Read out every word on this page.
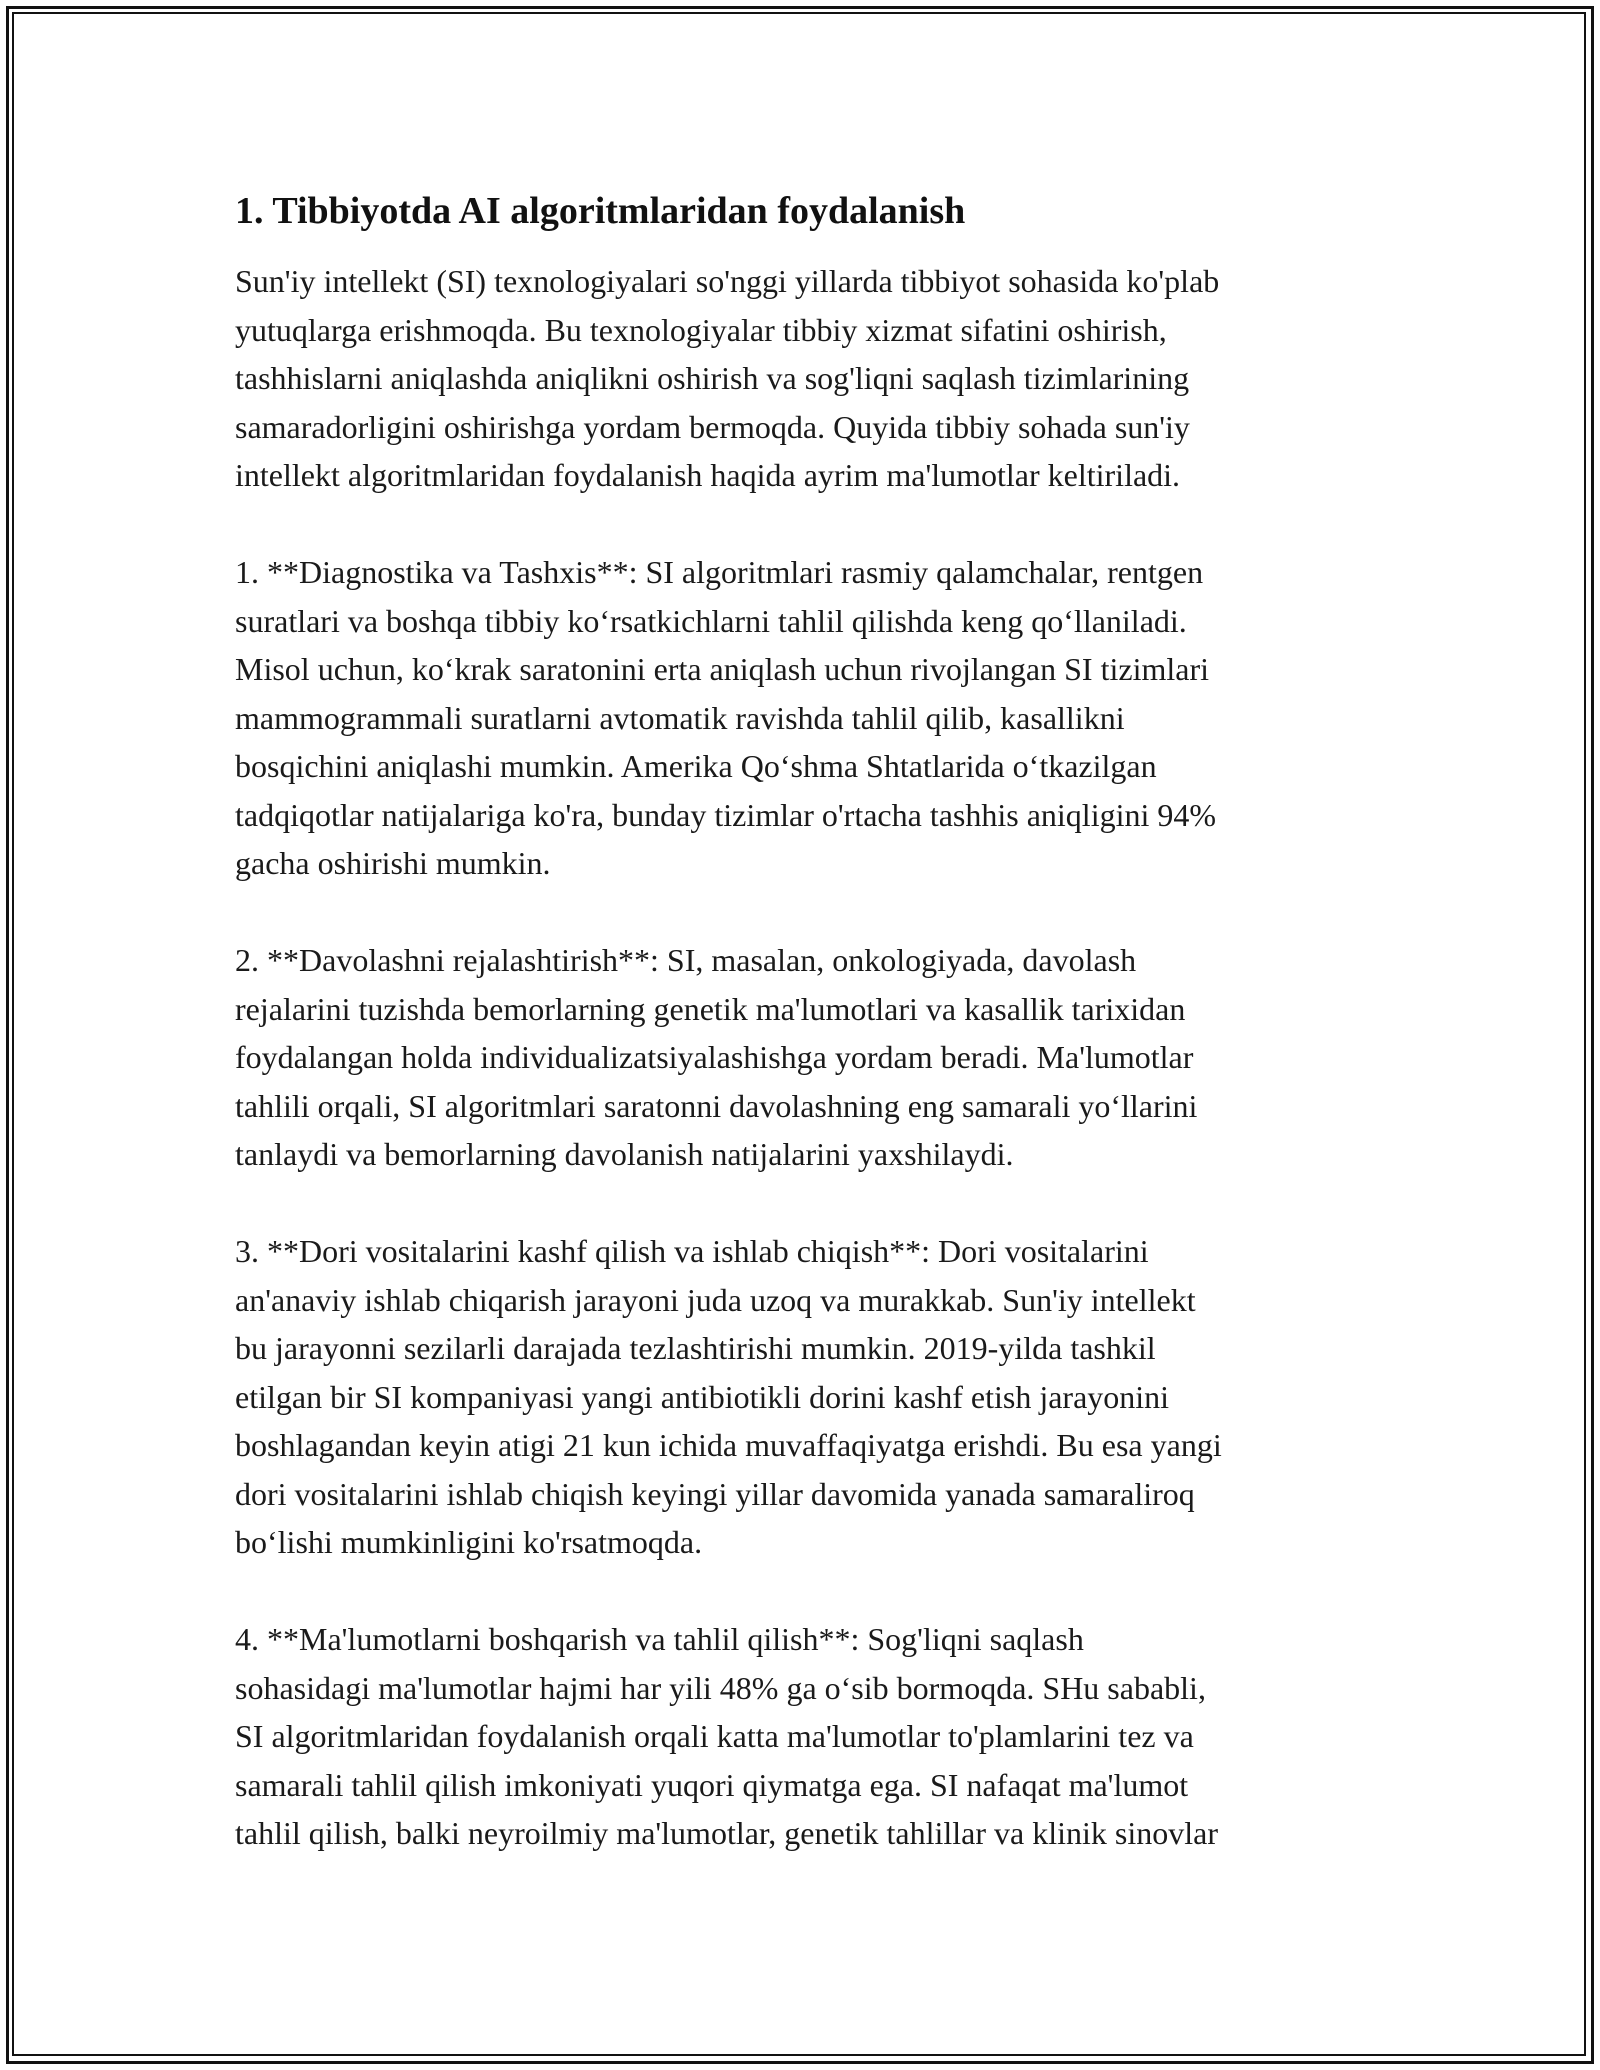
1. Tibbiyotda AI algoritmlaridan foydalanish

Sun'iy intellekt (SI) texnologiyalari so'nggi yillarda tibbiyot sohasida ko'plab
yutuqlarga erishmoqda. Bu texnologiyalar tibbiy xizmat sifatini oshirish,
tashhislarni aniqlashda aniqlikni oshirish va sog'liqni saqlash tizimlarining
samaradorligini oshirishga yordam bermoqda. Quyida tibbiy sohada sun'iy
intellekt algoritmlaridan foydalanish haqida ayrim ma'lumotlar keltiriladi.

1. **Diagnostika va Tashxis**: SI algoritmlari rasmiy qalamchalar, rentgen
suratlari va boshqa tibbiy ko‘rsatkichlarni tahlil qilishda keng qo‘llaniladi.
Misol uchun, ko‘krak saratonini erta aniqlash uchun rivojlangan SI tizimlari
mammogrammali suratlarni avtomatik ravishda tahlil qilib, kasallikni
bosqichini aniqlashi mumkin. Amerika Qo‘shma Shtatlarida o‘tkazilgan
tadqiqotlar natijalariga ko'ra, bunday tizimlar o'rtacha tashhis aniqligini 94%
gacha oshirishi mumkin.

2. **Davolashni rejalashtirish**: SI, masalan, onkologiyada, davolash
rejalarini tuzishda bemorlarning genetik ma'lumotlari va kasallik tarixidan
foydalangan holda individualizatsiyalashishga yordam beradi. Ma'lumotlar
tahlili orqali, SI algoritmlari saratonni davolashning eng samarali yo‘llarini
tanlaydi va bemorlarning davolanish natijalarini yaxshilaydi.

3. **Dori vositalarini kashf qilish va ishlab chiqish**: Dori vositalarini
an'anaviy ishlab chiqarish jarayoni juda uzoq va murakkab. Sun'iy intellekt
bu jarayonni sezilarli darajada tezlashtirishi mumkin. 2019-yilda tashkil
etilgan bir SI kompaniyasi yangi antibiotikli dorini kashf etish jarayonini
boshlagandan keyin atigi 21 kun ichida muvaffaqiyatga erishdi. Bu esa yangi
dori vositalarini ishlab chiqish keyingi yillar davomida yanada samaraliroq
bo‘lishi mumkinligini ko'rsatmoqda.

4. **Ma'lumotlarni boshqarish va tahlil qilish**: Sog'liqni saqlash
sohasidagi ma'lumotlar hajmi har yili 48% ga o‘sib bormoqda. SHu sababli,
SI algoritmlaridan foydalanish orqali katta ma'lumotlar to'plamlarini tez va
samarali tahlil qilish imkoniyati yuqori qiymatga ega. SI nafaqat ma'lumot
tahlil qilish, balki neyroilmiy ma'lumotlar, genetik tahlillar va klinik sinovlar
